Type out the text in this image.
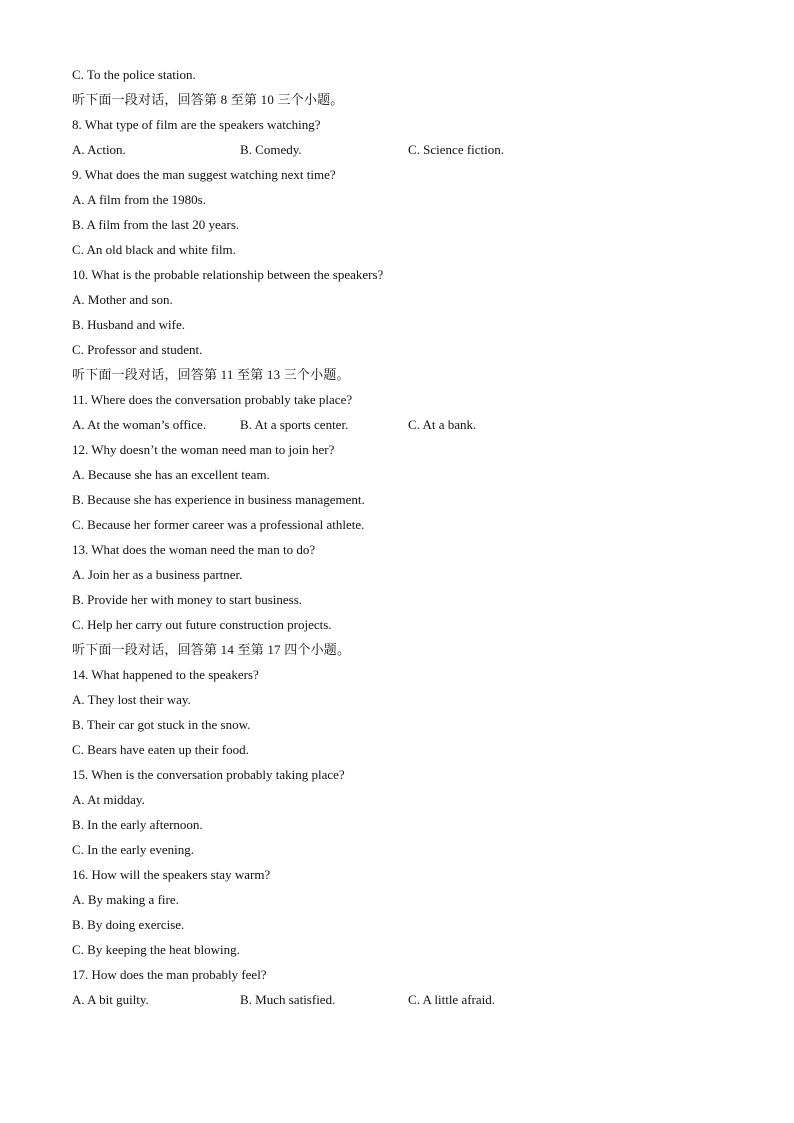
C. To the police station.
听下面一段对话，回答第 8 至第 10 三个小题。
8. What type of film are the speakers watching?
A. Action.	B. Comedy.	C. Science fiction.
9. What does the man suggest watching next time?
A. A film from the 1980s.
B. A film from the last 20 years.
C. An old black and white film.
10. What is the probable relationship between the speakers?
A. Mother and son.
B. Husband and wife.
C. Professor and student.
听下面一段对话，回答第 11 至第 13 三个小题。
11. Where does the conversation probably take place?
A. At the woman’s office.	B. At a sports center.	C. At a bank.
12. Why doesn’t the woman need man to join her?
A. Because she has an excellent team.
B. Because she has experience in business management.
C. Because her former career was a professional athlete.
13. What does the woman need the man to do?
A. Join her as a business partner.
B. Provide her with money to start business.
C. Help her carry out future construction projects.
听下面一段对话，回答第 14 至第 17 四个小题。
14. What happened to the speakers?
A. They lost their way.
B. Their car got stuck in the snow.
C. Bears have eaten up their food.
15. When is the conversation probably taking place?
A. At midday.
B. In the early afternoon.
C. In the early evening.
16. How will the speakers stay warm?
A. By making a fire.
B. By doing exercise.
C. By keeping the heat blowing.
17. How does the man probably feel?
A. A bit guilty.	B. Much satisfied.	C. A little afraid.
